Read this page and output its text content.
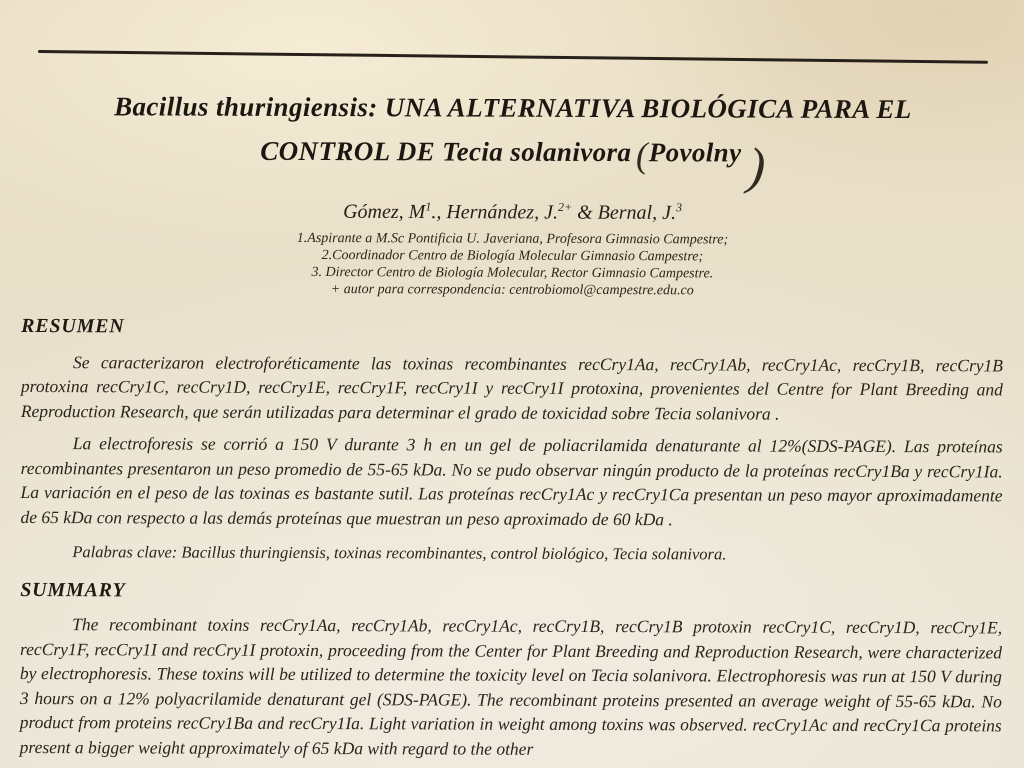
Bacillus thuringiensis: UNA ALTERNATIVA BIOLÓGICA PARA EL
CONTROL DE Tecia solanivora(Povolny)

Gómez, $M^1$., Hernández, J.$^{2+}$ & Bernal, J.$^3$

1.Aspirante a M.Sc Pontificia U. Javeriana, Profesora Gimnasio Campestre;
2.Coordinador Centro de Biología Molecular Gimnasio Campestre;
3. Director Centro de Biología Molecular, Rector Gimnasio Campestre.
+ autor para correspondencia: centrobiomol@campestre.edu.co
RESUMEN

Se caracterizaron electroforéticamente las toxinas recombinantes recCry1Aa, recCry1Ab, recCry1Ac, recCry1B, recCry1B protoxina recCry1C, recCry1D, recCry1E, recCry1F, recCry1I y recCry1I protoxina, provenientes del Centre for Plant Breeding and Reproduction Research, que serán utilizadas para determinar el grado de toxicidad sobre Tecia solanivora .

La electroforesis se corrió a 150 V durante 3 h en un gel de poliacrilamida denaturante al 12%(SDS-PAGE). Las proteínas recombinantes presentaron un peso promedio de 55-65 kDa. No se pudo observar ningún producto de la proteínas recCry1Ba y recCry1Ia. La variación en el peso de las toxinas es bastante sutil. Las proteínas recCry1Ac y recCry1Ca presentan un peso mayor aproximadamente de 65 kDa con respecto a las demás proteínas que muestran un peso aproximado de 60 kDa .

Palabras clave: Bacillus thuringiensis, toxinas recombinantes, control biológico, Tecia solanivora.

SUMMARY

The recombinant toxins recCry1Aa, recCry1Ab, recCry1Ac, recCry1B, recCry1B protoxin recCry1C, recCry1D, recCry1E, recCry1F, recCry1I and recCry1I protoxin, proceeding from the Center for Plant Breeding and Reproduction Research, were characterized by electrophoresis. These toxins will be utilized to determine the toxicity level on Tecia solanivora. Electrophoresis was run at 150 V during 3 hours on a 12% polyacrilamide denaturant gel (SDS-PAGE). The recombinant proteins presented an average weight of 55-65 kDa. No product from proteins recCry1Ba and recCry1Ia. Light variation in weight among toxins was observed. recCry1Ac and recCry1Ca proteins present a bigger weight approximately of 65 kDa with regard to the other
